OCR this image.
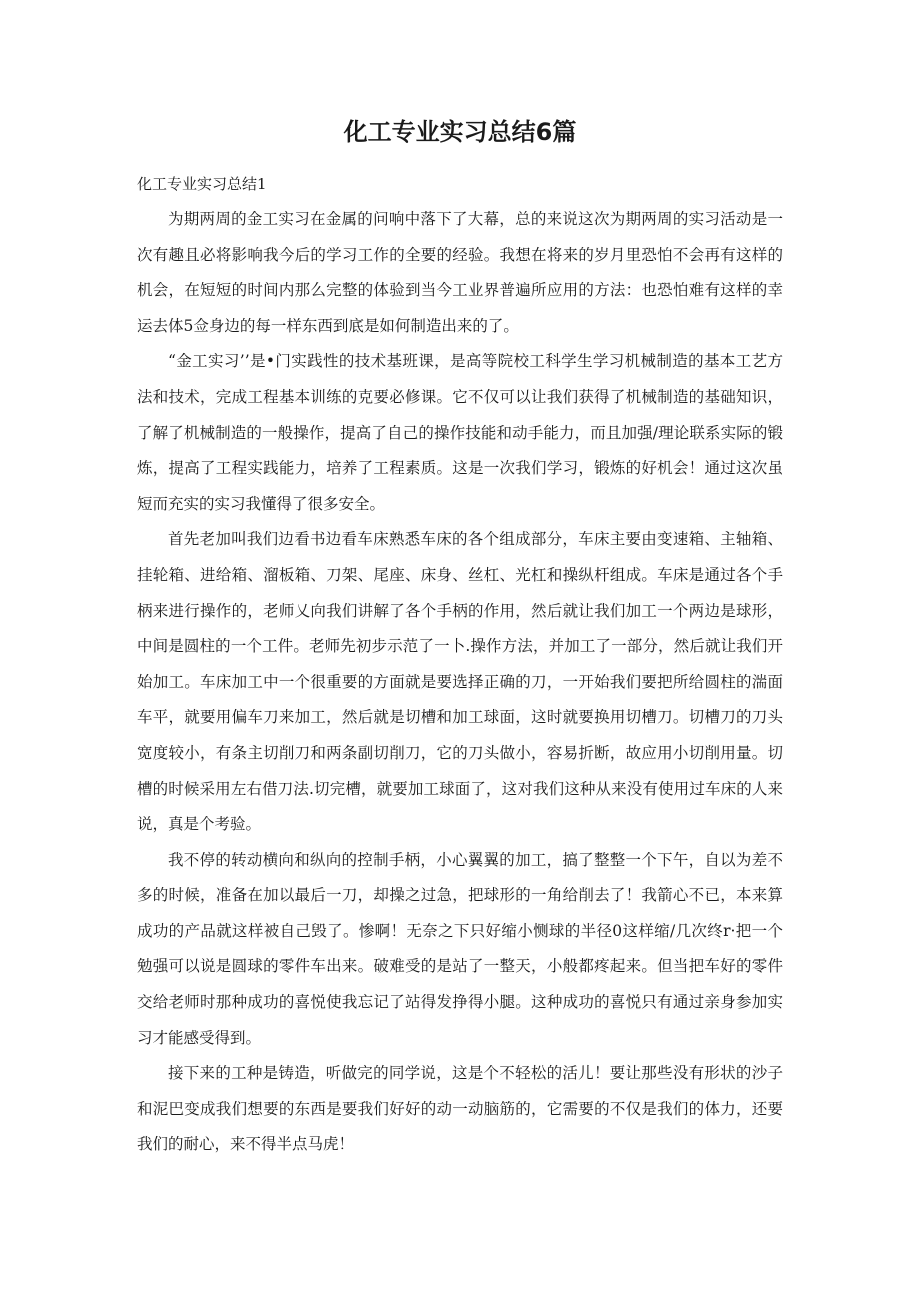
化工专业实习总结6篇

化工专业实习总结1

为期两周的金工实习在金属的问响中落下了大幕，总的来说这次为期两周的实习活动是一次有趣且必将影响我今后的学习工作的全要的经验。我想在将来的岁月里恐怕不会再有这样的机会，在短短的时间内那么完整的体验到当今工业界普遍所应用的方法：也恐怕难有这样的幸运去体5佥身边的每一样东西到底是如何制造出来的了。

“金工实习’’是•门实践性的技术基班课，是高等院校工科学生学习机械制造的基本工艺方法和技术，完成工程基本训练的克要必修课。它不仅可以让我们获得了机械制造的基础知识，了解了机械制造的一般操作，提高了自己的操作技能和动手能力，而且加强/理论联系实际的锻炼，提高了工程实践能力，培养了工程素质。这是一次我们学习，锻炼的好机会！通过这次虽短而充实的实习我懂得了很多安全。

首先老加叫我们边看书边看车床熟悉车床的各个组成部分，车床主要由变速箱、主轴箱、挂轮箱、进给箱、溜板箱、刀架、尾座、床身、丝杠、光杠和操纵杆组成。车床是通过各个手柄来进行操作的，老师乂向我们讲解了各个手柄的作用，然后就让我们加工一个两边是球形，中间是圆柱的一个工件。老师先初步示范了一卜.操作方法，并加工了一部分，然后就让我们开始加工。车床加工中一个很重要的方面就是要选择正确的刀，一开始我们要把所给圆柱的湍面车平，就要用偏车刀来加工，然后就是切槽和加工球面，这时就要换用切槽刀。切槽刀的刀头宽度较小，有条主切削刀和两条副切削刀，它的刀头做小，容易折断，故应用小切削用量。切槽的时候采用左右借刀法.切完槽，就要加工球面了，这对我们这种从来没有使用过车床的人来说，真是个考验。

我不停的转动横向和纵向的控制手柄，小心翼翼的加工，搞了整整一个下午，自以为差不多的时候，准备在加以最后一刀，却操之过急，把球形的一角给削去了！我箭心不已，本来算成功的产品就这样被自己毁了。惨啊！无奈之下只好缩小恻球的半径0这样缩/几次终r·把一个勉强可以说是圆球的零件车出来。破难受的是站了一整天，小般都疼起来。但当把车好的零件交给老师时那种成功的喜悦使我忘记了站得发挣得小腿。这种成功的喜悦只有通过亲身参加实习才能感受得到。

接下来的工种是铸造，听做完的同学说，这是个不轻松的活儿！要让那些没有形状的沙子和泥巴变成我们想要的东西是要我们好好的动一动脑筋的，它需要的不仅是我们的体力，还要我们的耐心，来不得半点马虎！
